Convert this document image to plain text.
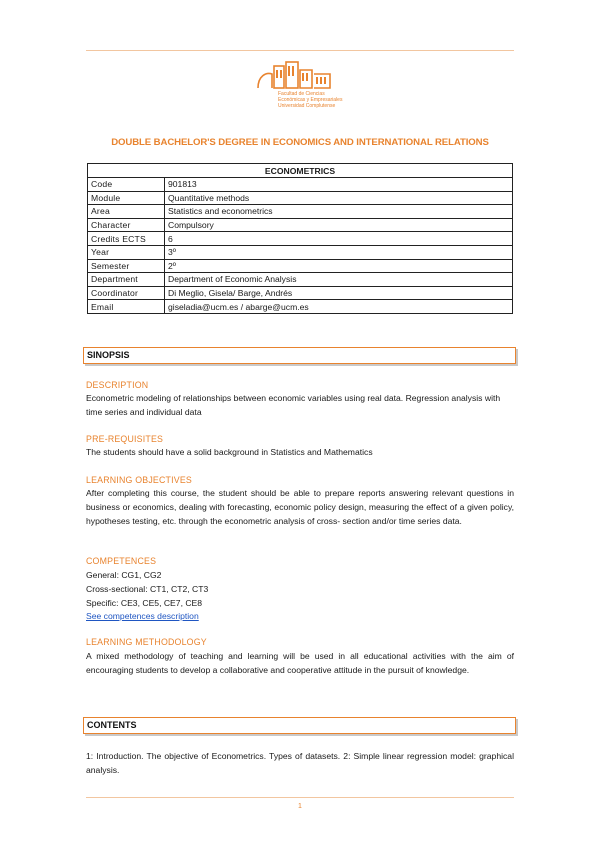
Facultad de Ciencias
Económicas y Empresariales
Universidad Complutense
DOUBLE BACHELOR'S DEGREE IN ECONOMICS AND INTERNATIONAL RELATIONS
ECONOMETRICS	
Code	901813
Module	Quantitative methods
Area	Statistics and econometrics
Character	Compulsory
Credits ECTS	6
Year	3º
Semester	2º
Department	Department of Economic Analysis
Coordinator	Di Meglio, Gisela/ Barge, Andrés
Email	giseladia@ucm.es / abarge@ucm.es
SINOPSIS
DESCRIPTION
Econometric modeling of relationships between economic variables using real data. Regression analysis with time series and individual data
PRE-REQUISITES
The students should have a solid background in Statistics and Mathematics
LEARNING OBJECTIVES
After completing this course, the student should be able to prepare reports answering relevant questions in business or economics, dealing with forecasting, economic policy design, measuring the effect of a given policy, hypotheses testing, etc. through the econometric analysis of cross- section and/or time series data.
COMPETENCES
General: CG1, CG2
Cross-sectional: CT1, CT2, CT3
Specific: CE3, CE5, CE7, CE8
See competences description
LEARNING METHODOLOGY
A mixed methodology of teaching and learning will be used in all educational activities with the aim of encouraging students to develop a collaborative and cooperative attitude in the pursuit of knowledge.
CONTENTS
1: Introduction. The objective of Econometrics. Types of datasets. 2: Simple linear regression model: graphical analysis.
1
